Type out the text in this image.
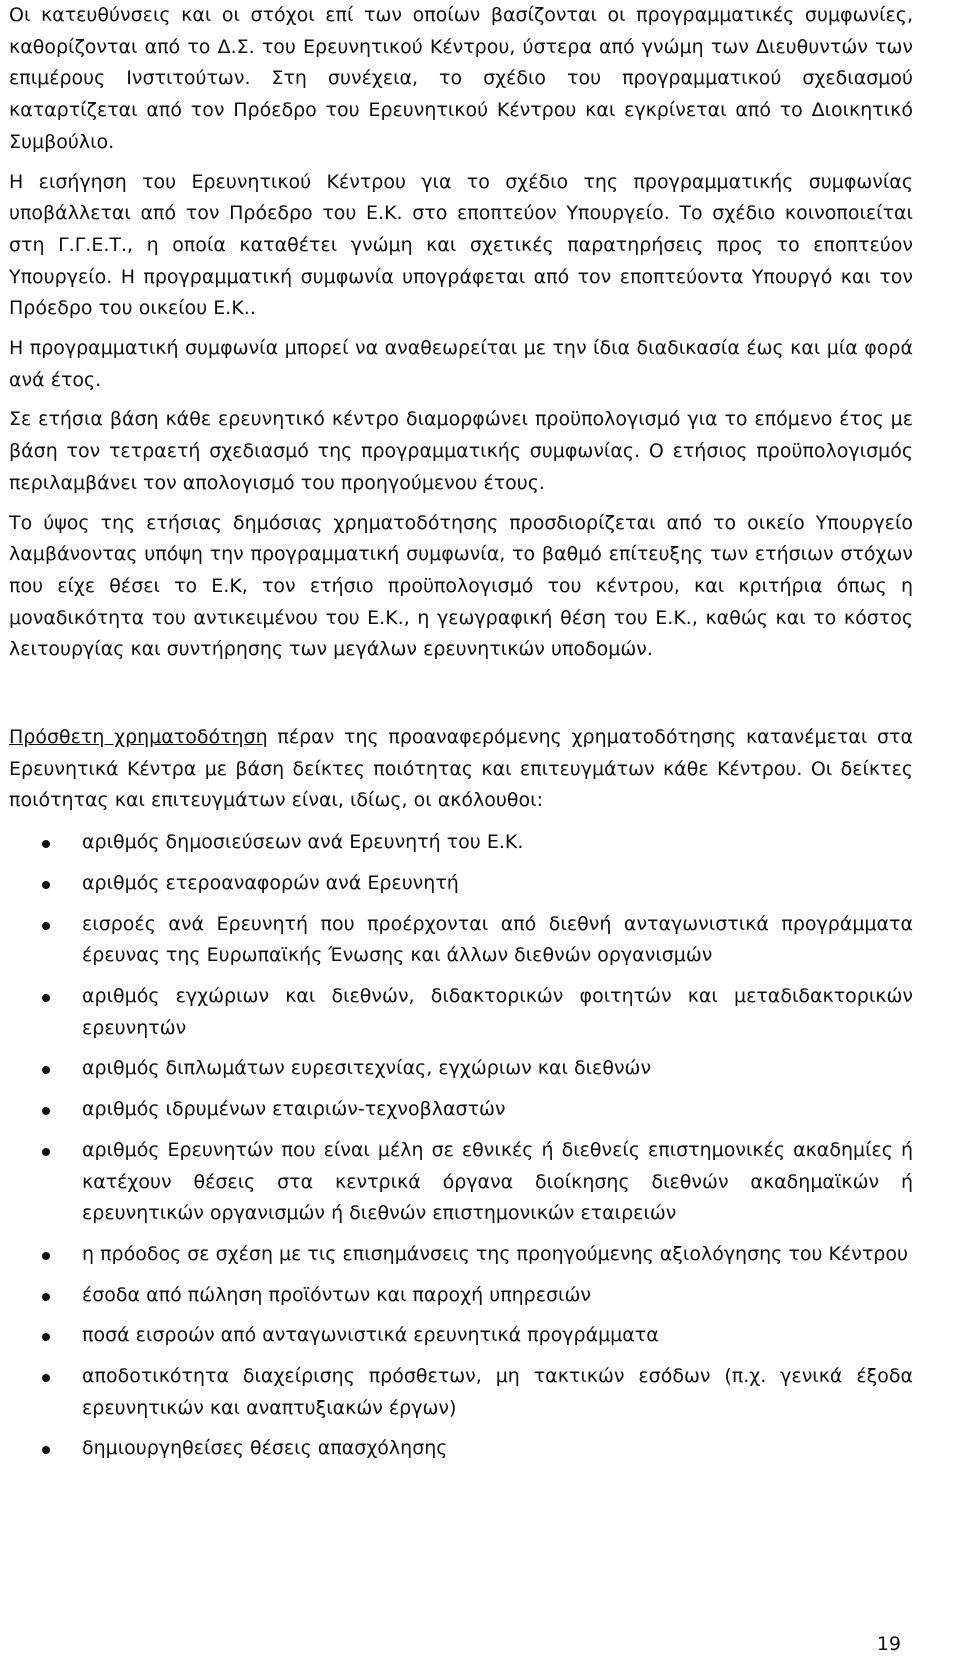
Οι κατευθύνσεις και οι στόχοι επί των οποίων βασίζονται οι προγραμματικές συμφωνίες, καθορίζονται από το Δ.Σ. του Ερευνητικού Κέντρου, ύστερα από γνώμη των Διευθυντών των επιμέρους Ινστιτούτων. Στη συνέχεια, το σχέδιο του προγραμματικού σχεδιασμού καταρτίζεται από τον Πρόεδρο του Ερευνητικού Κέντρου και εγκρίνεται από το Διοικητικό Συμβούλιο.

Η εισήγηση του Ερευνητικού Κέντρου για το σχέδιο της προγραμματικής συμφωνίας υποβάλλεται από τον Πρόεδρο του Ε.Κ. στο εποπτεύον Υπουργείο. Το σχέδιο κοινοποιείται στη Γ.Γ.Ε.Τ., η οποία καταθέτει γνώμη και σχετικές παρατηρήσεις προς το εποπτεύον Υπουργείο. Η προγραμματική συμφωνία υπογράφεται από τον εποπτεύοντα Υπουργό και τον Πρόεδρο του οικείου Ε.Κ..

Η προγραμματική συμφωνία μπορεί να αναθεωρείται με την ίδια διαδικασία έως και μία φορά ανά έτος.

Σε ετήσια βάση κάθε ερευνητικό κέντρο διαμορφώνει προϋπολογισμό για το επόμενο έτος με βάση τον τετραετή σχεδιασμό της προγραμματικής συμφωνίας. Ο ετήσιος προϋπολογισμός περιλαμβάνει τον απολογισμό του προηγούμενου έτους.

Το ύψος της ετήσιας δημόσιας χρηματοδότησης προσδιορίζεται από το οικείο Υπουργείο λαμβάνοντας υπόψη την προγραμματική συμφωνία, το βαθμό επίτευξης των ετήσιων στόχων που είχε θέσει το Ε.Κ, τον ετήσιο προϋπολογισμό του κέντρου, και κριτήρια όπως η μοναδικότητα του αντικειμένου του Ε.Κ., η γεωγραφική θέση του Ε.Κ., καθώς και το κόστος λειτουργίας και συντήρησης των μεγάλων ερευνητικών υποδομών.

Πρόσθετη χρηματοδότηση πέραν της προαναφερόμενης χρηματοδότησης κατανέμεται στα Ερευνητικά Κέντρα με βάση δείκτες ποιότητας και επιτευγμάτων κάθε Κέντρου. Οι δείκτες ποιότητας και επιτευγμάτων είναι, ιδίως, οι ακόλουθοι:

αριθμός δημοσιεύσεων ανά Ερευνητή του Ε.Κ.
αριθμός ετεροαναφορών ανά Ερευνητή
εισροές ανά Ερευνητή που προέρχονται από διεθνή ανταγωνιστικά προγράμματα έρευνας της Ευρωπαϊκής Ένωσης και άλλων διεθνών οργανισμών
αριθμός εγχώριων και διεθνών, διδακτορικών φοιτητών και μεταδιδακτορικών ερευνητών
αριθμός διπλωμάτων ευρεσιτεχνίας, εγχώριων και διεθνών
αριθμός ιδρυμένων εταιριών-τεχνοβλαστών
αριθμός Ερευνητών που είναι μέλη σε εθνικές ή διεθνείς επιστημονικές ακαδημίες ή κατέχουν θέσεις στα κεντρικά όργανα διοίκησης διεθνών ακαδημαϊκών ή ερευνητικών οργανισμών ή διεθνών επιστημονικών εταιρειών
η πρόοδος σε σχέση με τις επισημάνσεις της προηγούμενης αξιολόγησης του Κέντρου
έσοδα από πώληση προϊόντων και παροχή υπηρεσιών
ποσά εισροών από ανταγωνιστικά ερευνητικά προγράμματα
αποδοτικότητα διαχείρισης πρόσθετων, μη τακτικών εσόδων (π.χ. γενικά έξοδα ερευνητικών και αναπτυξιακών έργων)
δημιουργηθείσες θέσεις απασχόλησης
19
